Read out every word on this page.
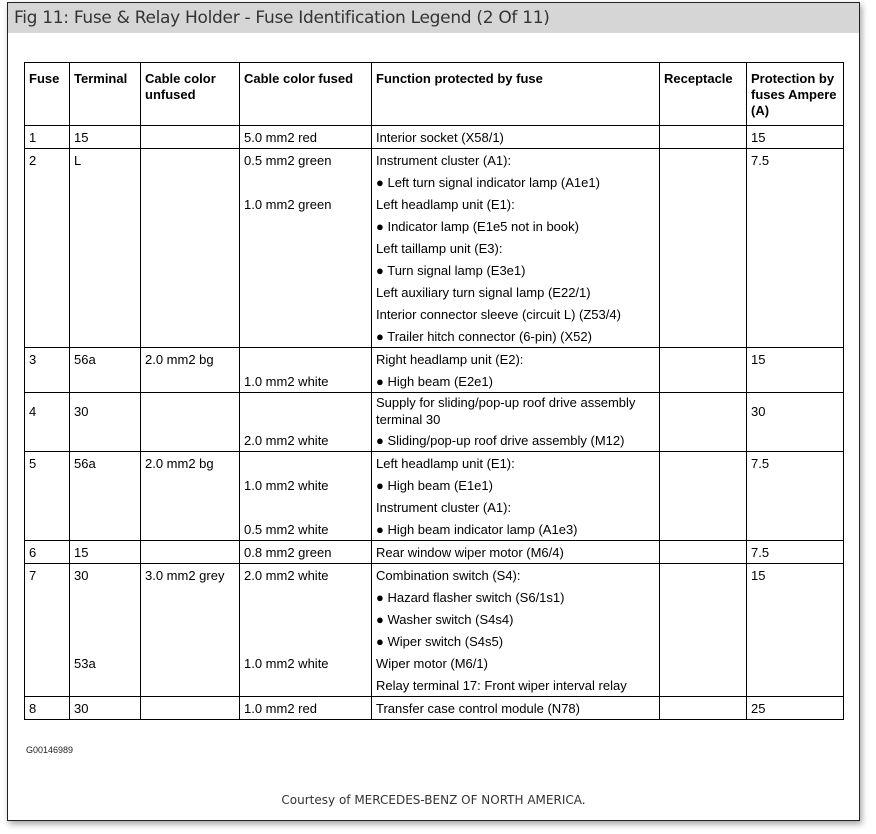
Fig 11: Fuse & Relay Holder - Fuse Identification Legend (2 Of 11)
Fuse	Terminal	Cable color unfused	Cable color fused	Function protected by fuse	Receptacle	Protection by fuses Ampere (A)
1	15		5.0 mm2 red	Interior socket (X58/1)		15
2	L		0.5 mm2 green	Instrument cluster (A1):		7.5
				● Left turn signal indicator lamp (A1e1)		
			1.0 mm2 green	Left headlamp unit (E1):		
				● Indicator lamp (E1e5 not in book)		
				Left taillamp unit (E3):		
				● Turn signal lamp (E3e1)		
				Left auxiliary turn signal lamp (E22/1)		
				Interior connector sleeve (circuit L) (Z53/4)		
				● Trailer hitch connector (6-pin) (X52)		
3	56a	2.0 mm2 bg		Right headlamp unit (E2):		15
			1.0 mm2 white	● High beam (E2e1)		
4	30			Supply for sliding/pop-up roof drive assembly terminal 30		30
			2.0 mm2 white	● Sliding/pop-up roof drive assembly (M12)		
5	56a	2.0 mm2 bg		Left headlamp unit (E1):		7.5
			1.0 mm2 white	● High beam (E1e1)		
				Instrument cluster (A1):		
			0.5 mm2 white	● High beam indicator lamp (A1e3)		
6	15		0.8 mm2 green	Rear window wiper motor (M6/4)		7.5
7	30	3.0 mm2 grey	2.0 mm2 white	Combination switch (S4):		15
				● Hazard flasher switch (S6/1s1)		
				● Washer switch (S4s4)		
				● Wiper switch (S4s5)		
	53a		1.0 mm2 white	Wiper motor (M6/1)		
				Relay terminal 17: Front wiper interval relay		
8	30		1.0 mm2 red	Transfer case control module (N78)		25
G00146989
Courtesy of MERCEDES-BENZ OF NORTH AMERICA.
